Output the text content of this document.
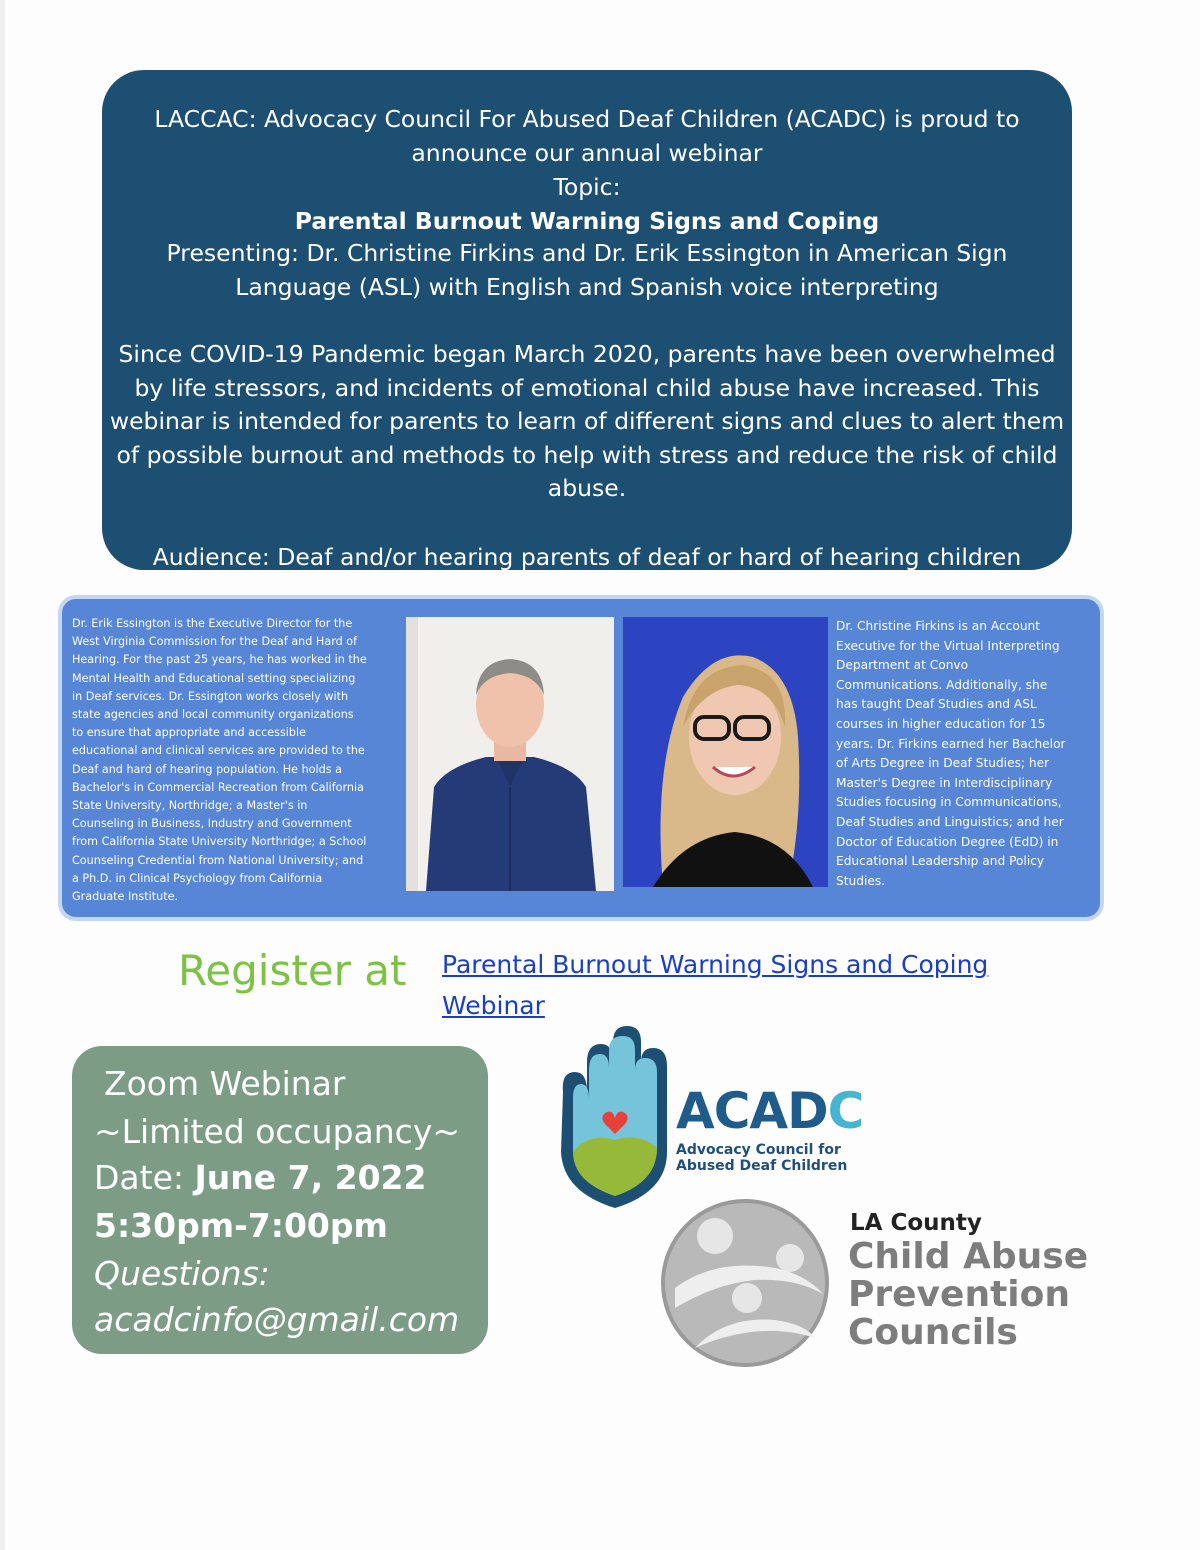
LACCAC: Advocacy Council For Abused Deaf Children (ACADC) is proud to
announce our annual webinar
Topic:
Parental Burnout Warning Signs and Coping
Presenting: Dr. Christine Firkins and Dr. Erik Essington in American Sign
Language (ASL) with English and Spanish voice interpreting
Since COVID-19 Pandemic began March 2020, parents have been overwhelmed
by life stressors, and incidents of emotional child abuse have increased. This
webinar is intended for parents to learn of different signs and clues to alert them
of possible burnout and methods to help with stress and reduce the risk of child
abuse.
Audience: Deaf and/or hearing parents of deaf or hard of hearing children
Dr. Erik Essington is the Executive Director for the
West Virginia Commission for the Deaf and Hard of
Hearing. For the past 25 years, he has worked in the
Mental Health and Educational setting specializing
in Deaf services. Dr. Essington works closely with
state agencies and local community organizations
to ensure that appropriate and accessible
educational and clinical services are provided to the
Deaf and hard of hearing population. He holds a
Bachelor's in Commercial Recreation from California
State University, Northridge; a Master's in
Counseling in Business, Industry and Government
from California State University Northridge; a School
Counseling Credential from National University; and
a Ph.D. in Clinical Psychology from California
Graduate Institute.
Dr. Christine Firkins is an Account
Executive for the Virtual Interpreting
Department at Convo
Communications. Additionally, she
has taught Deaf Studies and ASL
courses in higher education for 15
years. Dr. Firkins earned her Bachelor
of Arts Degree in Deaf Studies; her
Master's Degree in Interdisciplinary
Studies focusing in Communications,
Deaf Studies and Linguistics; and her
Doctor of Education Degree (EdD) in
Educational Leadership and Policy
Studies.
Register at Parental Burnout Warning Signs and Coping
Webinar
Zoom Webinar
~Limited occupancy~
Date: June 7, 2022
5:30pm-7:00pm
Questions:
acadcinfo@gmail.com
ACADC
Advocacy Council for
Abused Deaf Children
LA County
Child Abuse
Prevention
Councils
